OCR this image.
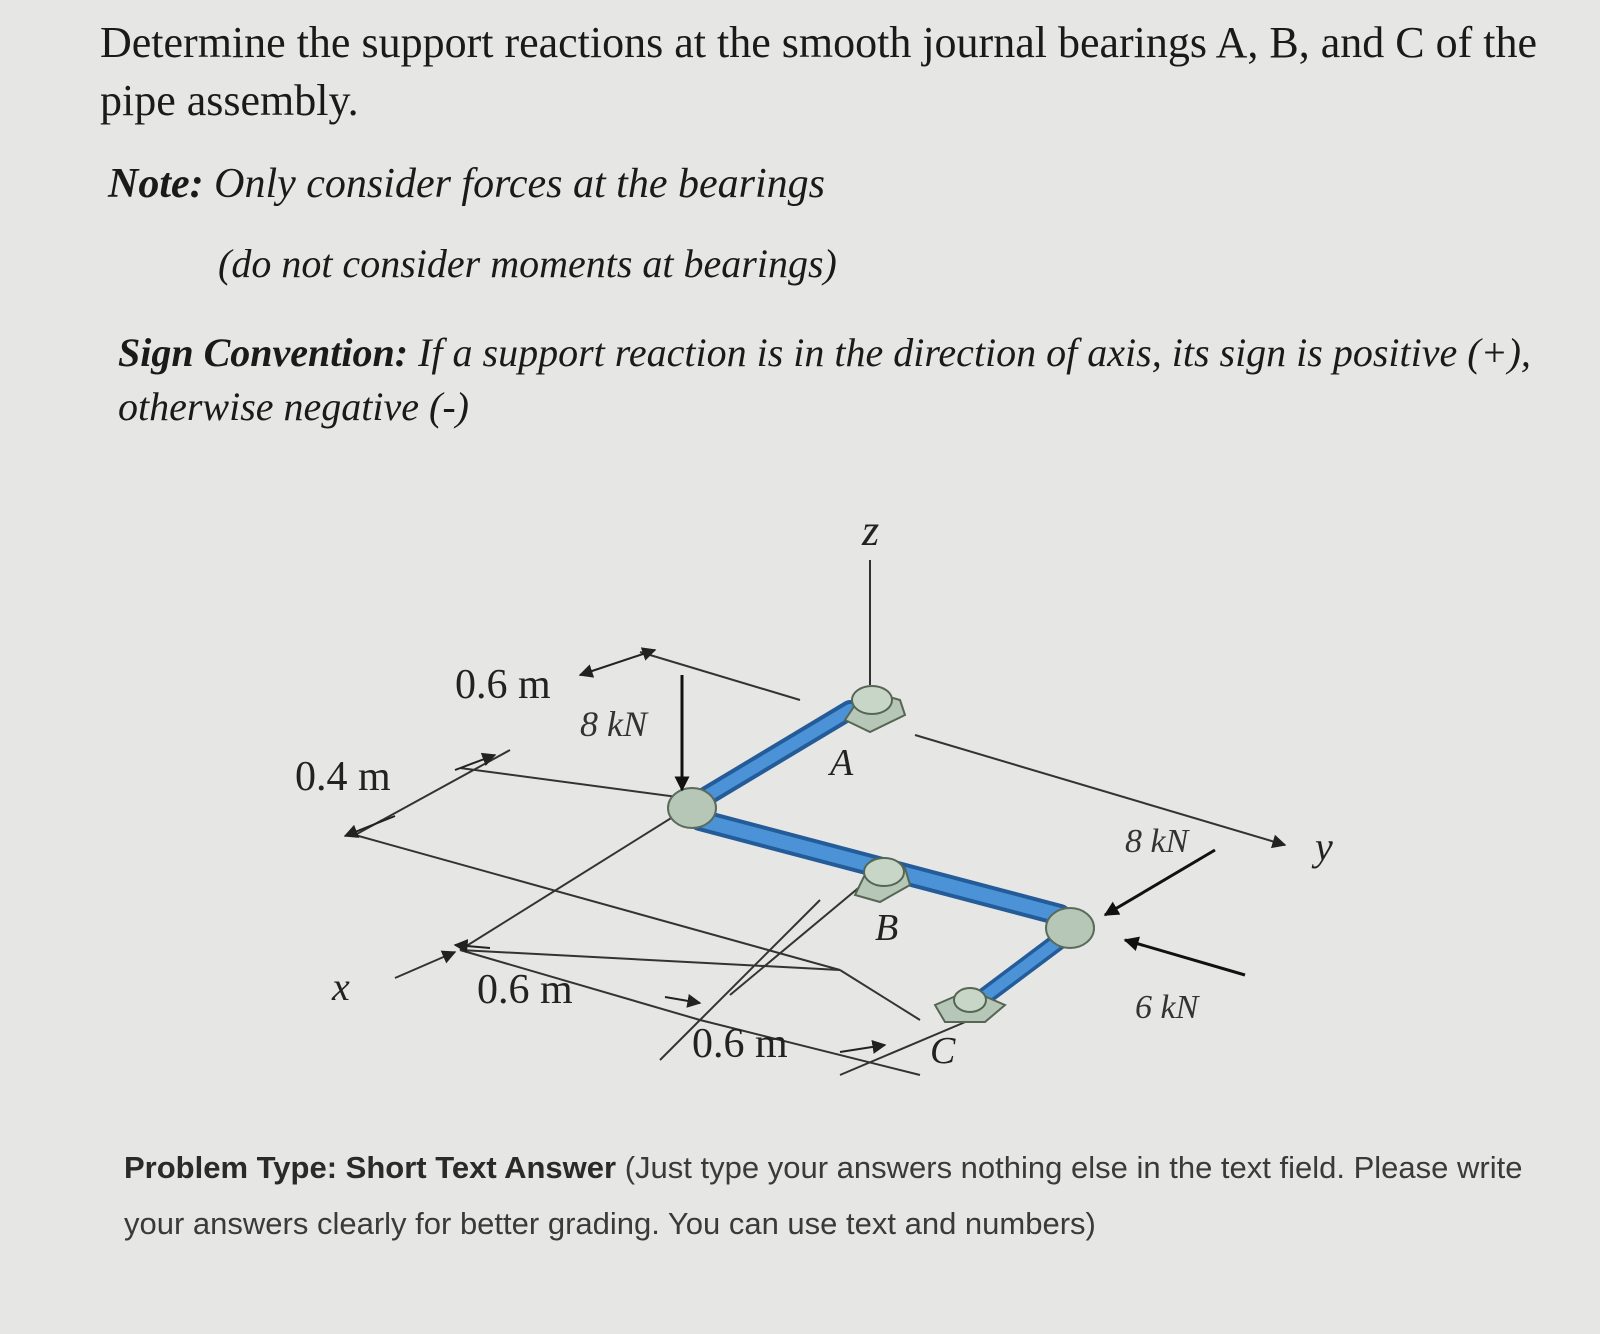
Determine the support reactions at the smooth journal bearings A, B, and C of the pipe assembly.
Note: Only consider forces at the bearings
(do not consider moments at bearings)
Sign Convention: If a support reaction is in the direction of axis, its sign is positive (+), otherwise negative (-)
z
y
x
0.6 m
0.4 m
0.6 m
0.6 m
8 kN
8 kN
6 kN
A
B
C
Problem Type: Short Text Answer (Just type your answers nothing else in the text field. Please write your answers clearly for better grading. You can use text and numbers)
